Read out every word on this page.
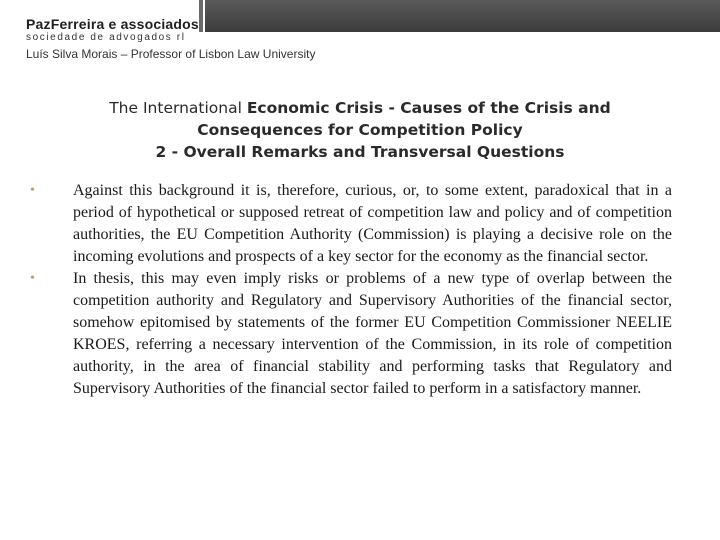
PazFerreira e associados
sociedade de advogados rl
Luís Silva Morais – Professor of Lisbon Law University
The International Economic Crisis - Causes of the Crisis and
Consequences for Competition Policy
2 - Overall Remarks and Transversal Questions
•	Against this background it is, therefore, curious, or, to some extent, paradoxical that in a period of hypothetical or supposed retreat of competition law and policy and of competition authorities, the EU Competition Authority (Commission) is playing a decisive role on the incoming evolutions and prospects of a key sector for the economy as the financial sector.
•	In thesis, this may even imply risks or problems of a new type of overlap between the competition authority and Regulatory and Supervisory Authorities of the financial sector, somehow epitomised by statements of the former EU Competition Commissioner NEELIE KROES, referring a necessary intervention of the Commission, in its role of competition authority, in the area of financial stability and performing tasks that Regulatory and Supervisory Authorities of the financial sector failed to perform in a satisfactory manner.
